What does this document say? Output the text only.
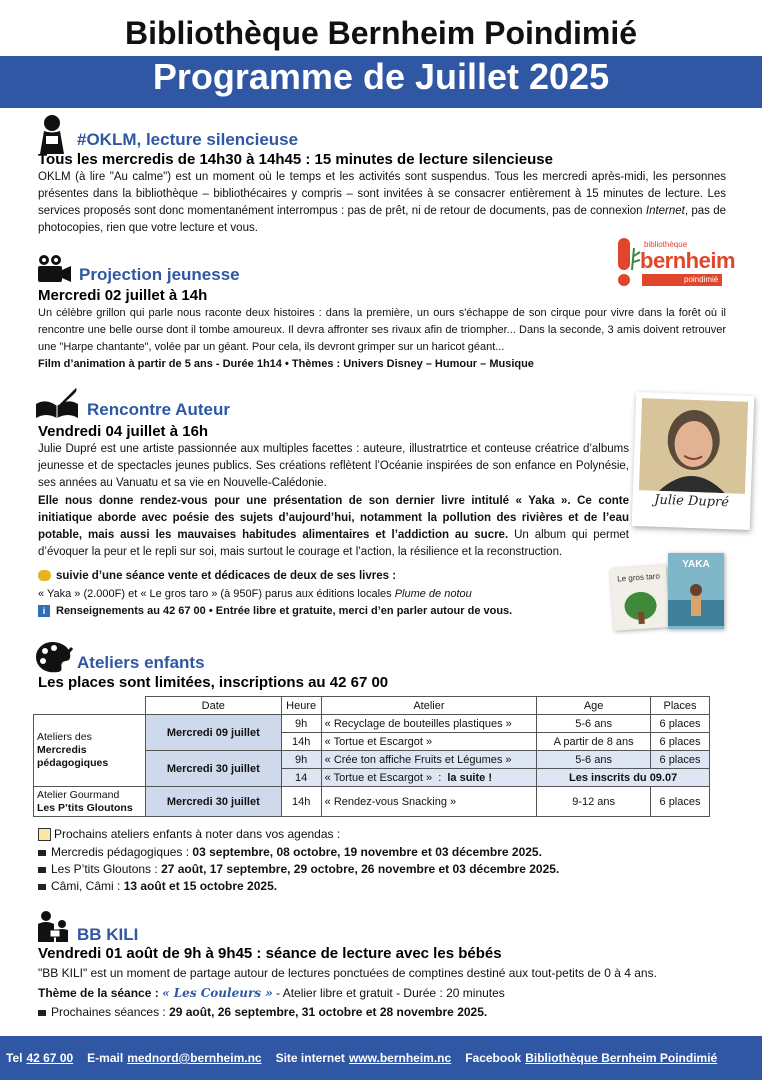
Bibliothèque Bernheim Poindimié
Programme de Juillet 2025
#OKLM, lecture silencieuse
Tous les mercredis de 14h30 à 14h45 : 15 minutes de lecture silencieuse
OKLM (à lire "Au calme") est un moment où le temps et les activités sont suspendus. Tous les mercredi après-midi, les personnes présentes dans la bibliothèque – bibliothécaires y compris – sont invitées à se consacrer entièrement à 15 minutes de lecture. Les services proposés sont donc momentanément interrompus : pas de prêt, ni de retour de documents, pas de connexion Internet, pas de photocopies, rien que votre lecture et vous.
bibliothèque
bernheim
poindimié
Projection jeunesse
Mercredi 02 juillet à 14h
Un célèbre grillon qui parle nous raconte deux histoires : dans la première, un ours s'échappe de son cirque pour vivre dans la forêt où il rencontre une belle ourse dont il tombe amoureux. Il devra affronter ses rivaux afin de triompher... Dans la seconde, 3 amis doivent retrouver une "Harpe chantante", volée par un géant. Pour cela, ils devront grimper sur un haricot géant...
Film d’animation à partir de 5 ans - Durée 1h14 • Thèmes : Univers Disney – Humour – Musique
Rencontre Auteur
Vendredi 04 juillet à 16h
Julie Dupré est une artiste passionnée aux multiples facettes : auteure, illustratrtice et conteuse créatrice d’albums jeunesse et de spectacles jeunes publics. Ses créations reflètent l’Océanie inspirées de son enfance en Polynésie, ses années au Vanuatu et sa vie en Nouvelle-Calédonie.
Elle nous donne rendez-vous pour une présentation de son dernier livre intitulé « Yaka ». Ce conte initiatique aborde avec poésie des sujets d’aujourd’hui, notamment la pollution des rivières et de l’eau potable, mais aussi les mauvaises habitudes alimentaires et l’addiction au sucre. Un album qui permet d’évoquer la peur et le repli sur soi, mais surtout le courage et l’action, la résilience et la reconstruction.
suivie d’une séance vente et dédicaces de deux de ses livres :
« Yaka » (2.000F) et « Le gros taro » (à 950F) parus aux éditions locales Plume de notou
i Renseignements au 42 67 00 • Entrée libre et gratuite, merci d’en parler autour de vous.
Julie Dupré
Le gros taro
YAKA
Ateliers enfants
Les places sont limitées, inscriptions au 42 67 00
	Date	Heure	Atelier	Age	Places
Ateliers des
Mercredis pédagogiques	Mercredi 09 juillet	9h	« Recyclage de bouteilles plastiques »	5-6 ans	6 places
		14h	« Tortue et Escargot »	A partir de 8 ans	6 places
	Mercredi 30 juillet	9h	« Crée ton affiche Fruits et Légumes »	5-6 ans	6 places
		14	« Tortue et Escargot »  :  la suite !	Les inscrits du 09.07	
Atelier Gourmand
Les P’tits Gloutons	Mercredi 30 juillet	14h	« Rendez-vous Snacking »	9-12 ans	6 places
Prochains ateliers enfants à noter dans vos agendas :
Mercredis pédagogiques : 03 septembre, 08 octobre, 19 novembre et 03 décembre 2025.
Les P’tits Gloutons : 27 août, 17 septembre, 29 octobre, 26 novembre et 03 décembre 2025.
Câmi, Câmi : 13 août et 15 octobre 2025.
BB KILI
Vendredi 01 août de 9h à 9h45 : séance de lecture avec les bébés
"BB KILI" est un moment de partage autour de lectures ponctuées de comptines destiné aux tout-petits de 0 à 4 ans.
Thème de la séance : « Les Couleurs » - Atelier libre et gratuit - Durée : 20 minutes
Prochaines séances : 29 août, 26 septembre, 31 octobre et 28 novembre 2025.
Tel 42 67 00 E-mail mednord@bernheim.nc Site internet www.bernheim.nc Facebook Bibliothèque Bernheim Poindimié
